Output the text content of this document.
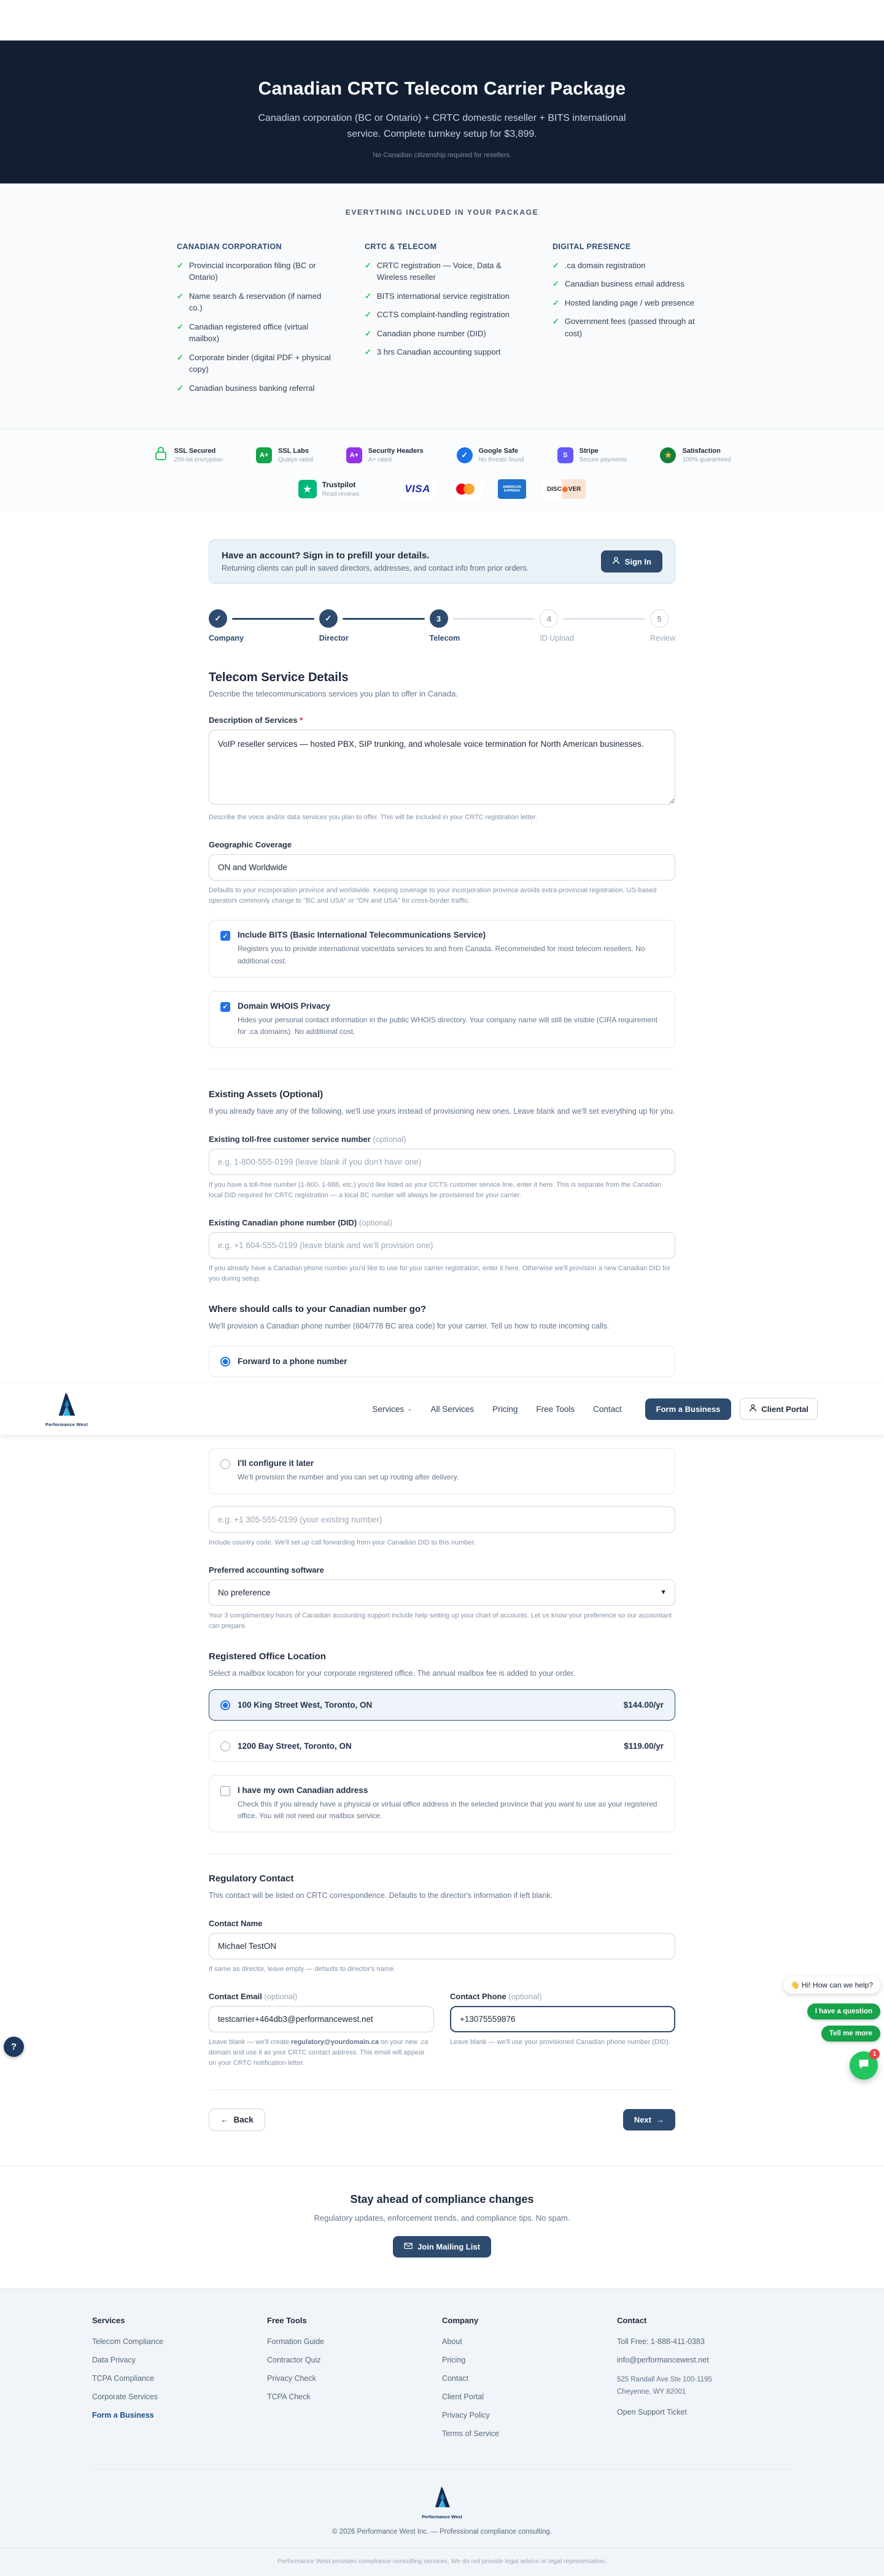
Canadian CRTC Telecom Carrier Package

Canadian corporation (BC or Ontario) + CRTC domestic reseller + BITS international service. Complete turnkey setup for $3,899.

No Canadian citizenship required for resellers.

EVERYTHING INCLUDED IN YOUR PACKAGE
CANADIAN CORPORATION
✓ Provincial incorporation filing (BC or Ontario)
✓ Name search & reservation (if named co.)
✓ Canadian registered office (virtual mailbox)
✓ Corporate binder (digital PDF + physical copy)
✓ Canadian business banking referral
CRTC & TELECOM
✓ CRTC registration — Voice, Data & Wireless reseller
✓ BITS international service registration
✓ CCTS complaint-handling registration
✓ Canadian phone number (DID)
✓ 3 hrs Canadian accounting support
DIGITAL PRESENCE
✓ .ca domain registration
✓ Canadian business email address
✓ Hosted landing page / web presence
✓ Government fees (passed through at cost)
SSL Secured
256-bit encryption
A+
SSL Labs
Qualys rated
A+
Security Headers
A+ rated
✓	Google Safe
No threats found
S
Stripe
Secure payments
★	Satisfaction
100% guaranteed
★	Trustpilot
Read reviews	VISA	AMERICAN EXPRESS	DISC VER
Have an account? Sign in to prefill your details.
Returning clients can pull in saved directors, addresses, and contact info from prior orders.
Sign In
✓
Company
✓
Director
3
Telecom
4
ID Upload
5
Review
Telecom Service Details

Describe the telecommunications services you plan to offer in Canada.

Description of Services *
VoIP reseller services — hosted PBX, SIP trunking, and wholesale voice termination for North American businesses.

Describe the voice and/or data services you plan to offer. This will be included in your CRTC registration letter.

Geographic Coverage
ON and Worldwide

Defaults to your incorporation province and worldwide. Keeping coverage to your incorporation province avoids extra-provincial registration. US-based operators commonly change to "BC and USA" or "ON and USA" for cross-border traffic.

✓ Include BITS (Basic International Telecommunications Service)
Registers you to provide international voice/data services to and from Canada. Recommended for most telecom resellers. No additional cost.
✓ Domain WHOIS Privacy
Hides your personal contact information in the public WHOIS directory. Your company name will still be visible (CIRA requirement for .ca domains). No additional cost.
Existing Assets (Optional)

If you already have any of the following, we'll use yours instead of provisioning new ones. Leave blank and we'll set everything up for you.

Existing toll-free customer service number (optional)
e.g. 1-800-555-0199 (leave blank if you don't have one)

If you have a toll-free number (1-800, 1-888, etc.) you'd like listed as your CCTS customer service line, enter it here. This is separate from the Canadian local DID required for CRTC registration — a local BC number will always be provisioned for your carrier.

Existing Canadian phone number (DID) (optional)
e.g. +1 604-555-0199 (leave blank and we'll provision one)

If you already have a Canadian phone number you'd like to use for your carrier registration, enter it here. Otherwise we'll provision a new Canadian DID for you during setup.

Where should calls to your Canadian number go?

We'll provision a Canadian phone number (604/778 BC area code) for your carrier. Tell us how to route incoming calls.

Forward to a phone number
Performance West
Services ⌄ All Services Pricing Free Tools Contact	Form a Business	Client Portal
I'll configure it later
We'll provision the number and you can set up routing after delivery.
e.g. +1 305-555-0199 (your existing number)

Include country code. We'll set up call forwarding from your Canadian DID to this number.

Preferred accounting software
No preference	▼

Your 3 complimentary hours of Canadian accounting support include help setting up your chart of accounts. Let us know your preference so our accountant can prepare.

Registered Office Location

Select a mailbox location for your corporate registered office. The annual mailbox fee is added to your order.

100 King Street West, Toronto, ON	$144.00/yr
1200 Bay Street, Toronto, ON	$119.00/yr
I have my own Canadian address
Check this if you already have a physical or virtual office address in the selected province that you want to use as your registered office. You will not need our mailbox service.
Regulatory Contact

This contact will be listed on CRTC correspondence. Defaults to the director's information if left blank.

Contact Name
Michael TestON

If same as director, leave empty — defaults to director's name.

Contact Email (optional)
testcarrier+464db3@performancewest.net

Leave blank — we'll create regulatory@yourdomain.ca on your new .ca domain and use it as your CRTC contact address. This email will appear on your CRTC notification letter.

Contact Phone (optional)
+13075559876

Leave blank — we'll use your provisioned Canadian phone number (DID).

👋 Hi! How can we help?
I have a question
Tell me more
1
?
← Back	Next →
Stay ahead of compliance changes

Regulatory updates, enforcement trends, and compliance tips. No spam.

Join Mailing List
Services
Telecom Compliance
Data Privacy
TCPA Compliance
Corporate Services
Form a Business
Free Tools
Formation Guide
Contractor Quiz
Privacy Check
TCPA Check
Company
About
Pricing
Contact
Client Portal
Privacy Policy
Terms of Service
Contact
Toll Free: 1-888-411-0383
info@performancewest.net
525 Randall Ave Ste 100-1195
Cheyenne, WY 82001
Open Support Ticket
Performance West
© 2026 Performance West Inc. — Professional compliance consulting.
Performance West provides compliance consulting services. We do not provide legal advice or legal representation.
